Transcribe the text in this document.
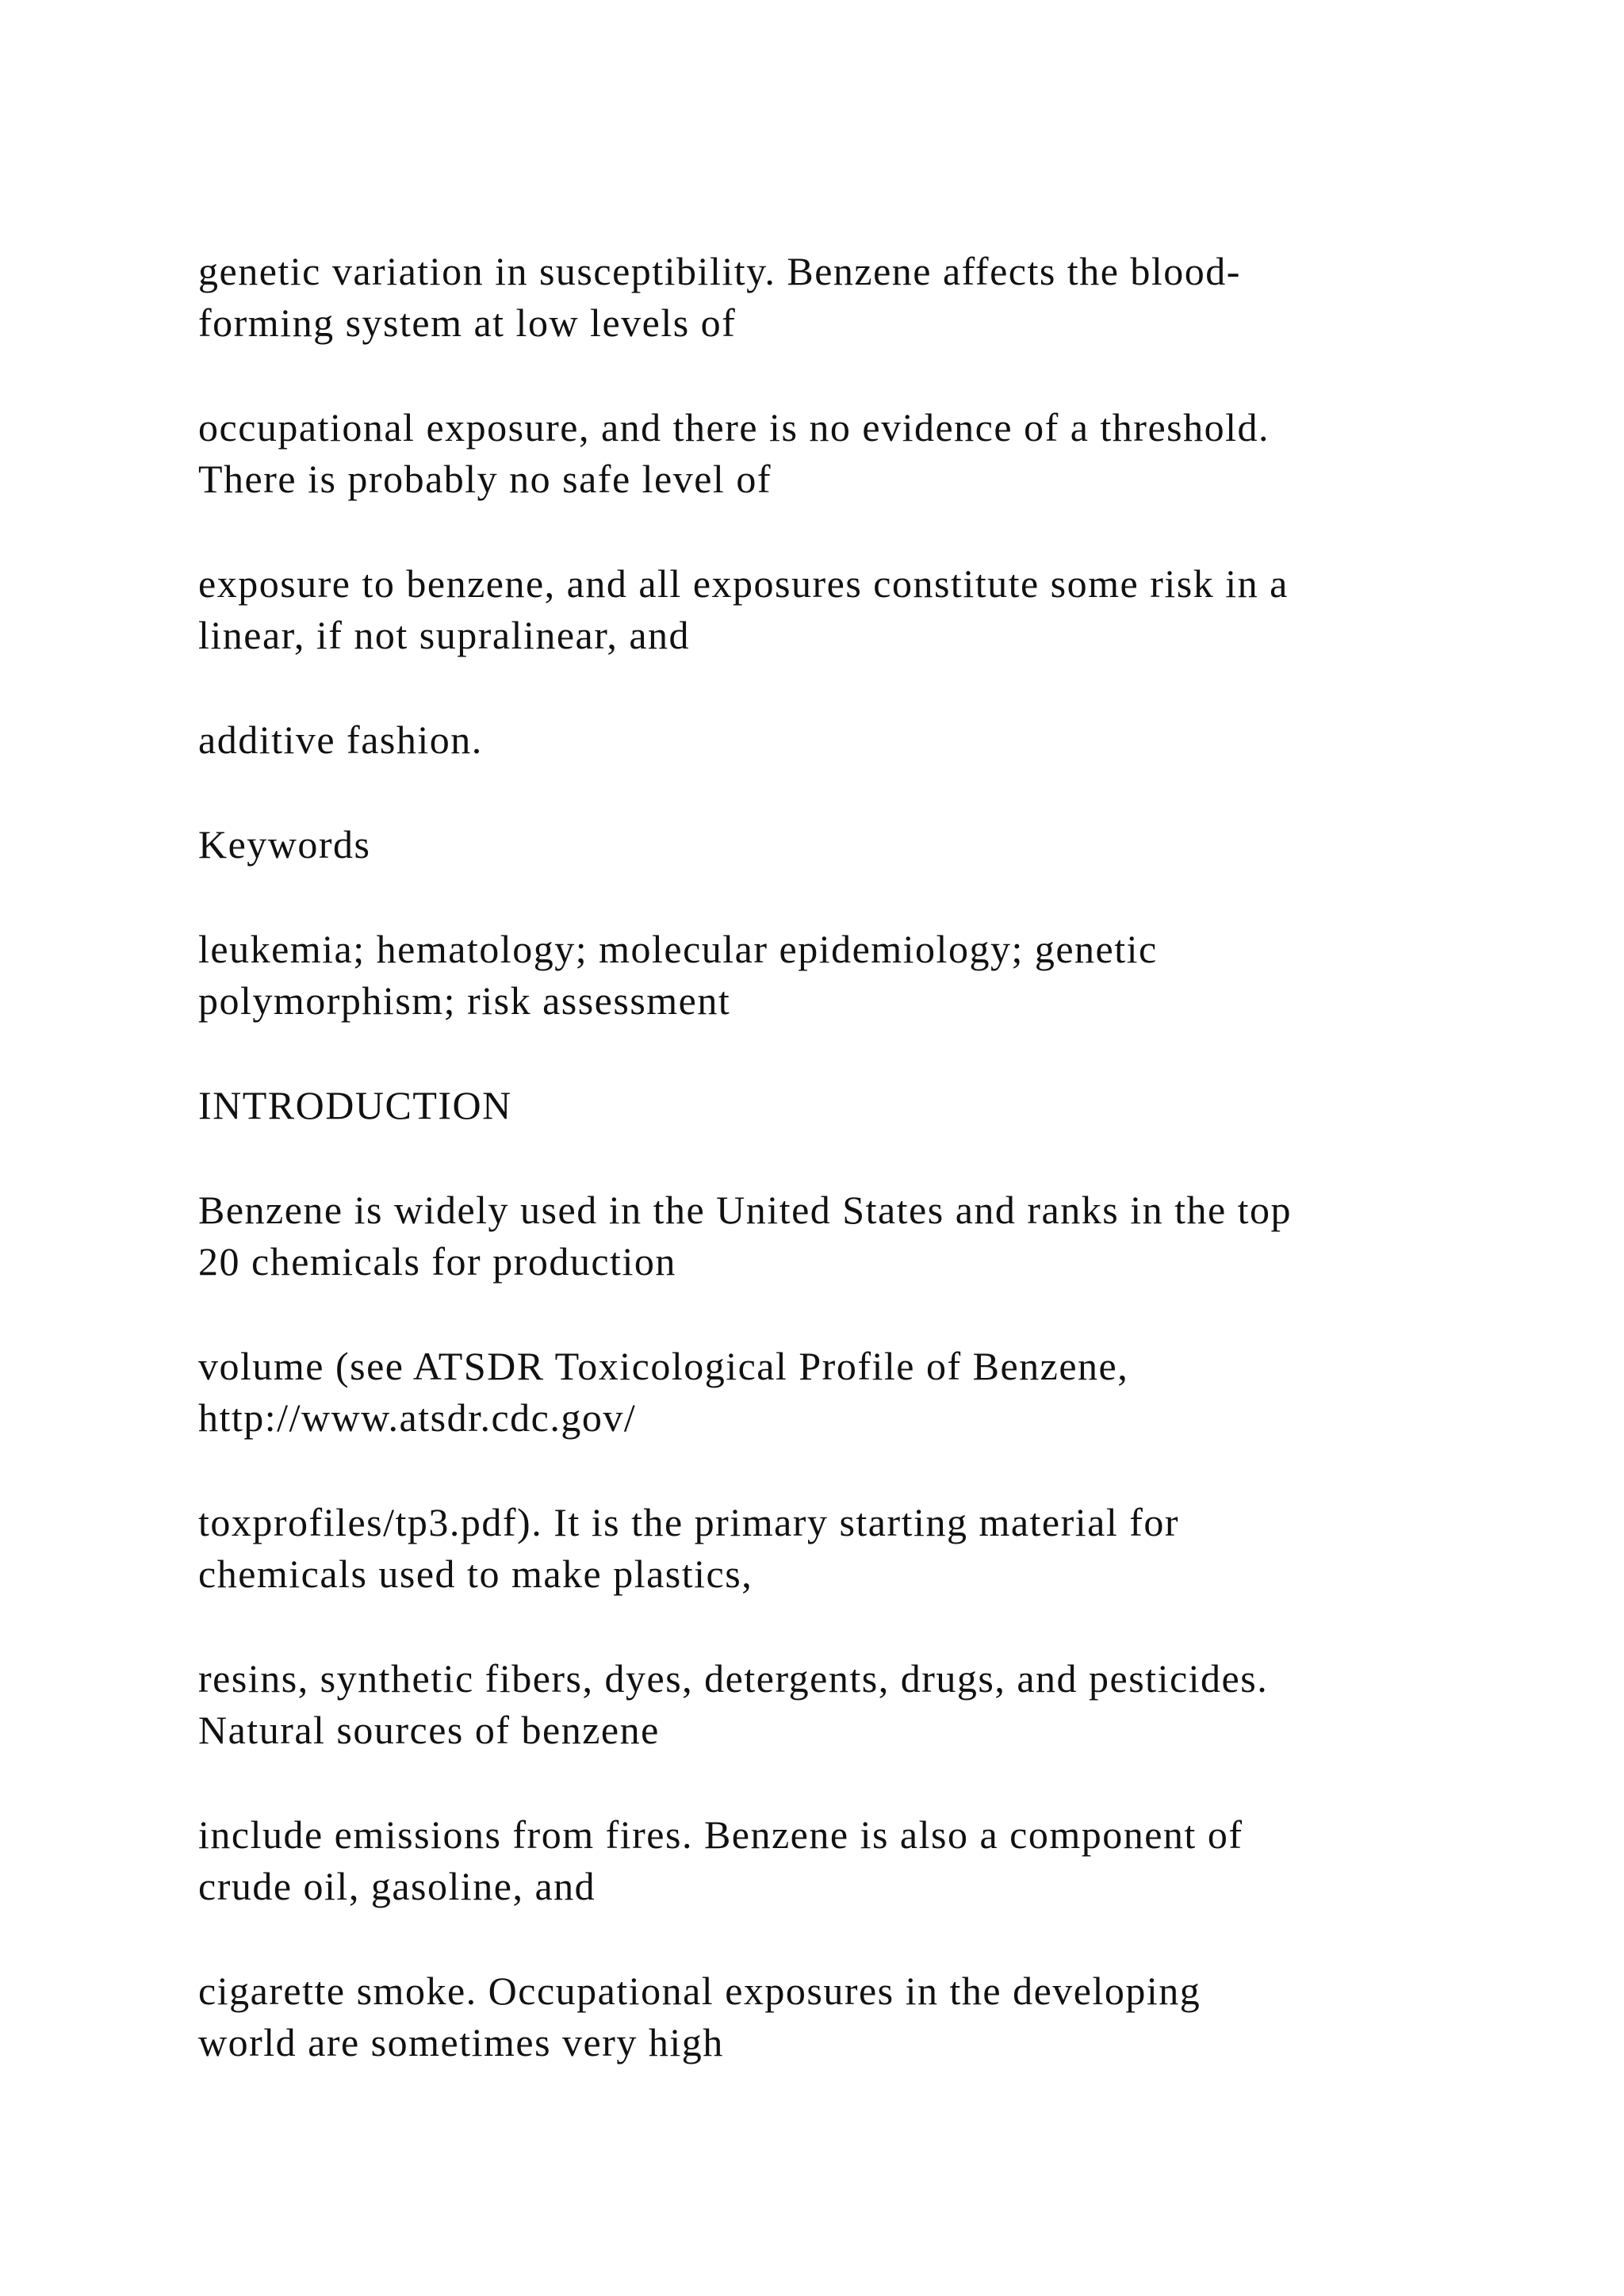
genetic variation in susceptibility. Benzene affects the blood-
forming system at low levels of
occupational exposure, and there is no evidence of a threshold.
There is probably no safe level of
exposure to benzene, and all exposures constitute some risk in a
linear, if not supralinear, and
additive fashion.
Keywords
leukemia; hematology; molecular epidemiology; genetic
polymorphism; risk assessment
INTRODUCTION
Benzene is widely used in the United States and ranks in the top
20 chemicals for production
volume (see ATSDR Toxicological Profile of Benzene,
http://www.atsdr.cdc.gov/
toxprofiles/tp3.pdf). It is the primary starting material for
chemicals used to make plastics,
resins, synthetic fibers, dyes, detergents, drugs, and pesticides.
Natural sources of benzene
include emissions from fires. Benzene is also a component of
crude oil, gasoline, and
cigarette smoke. Occupational exposures in the developing
world are sometimes very high
